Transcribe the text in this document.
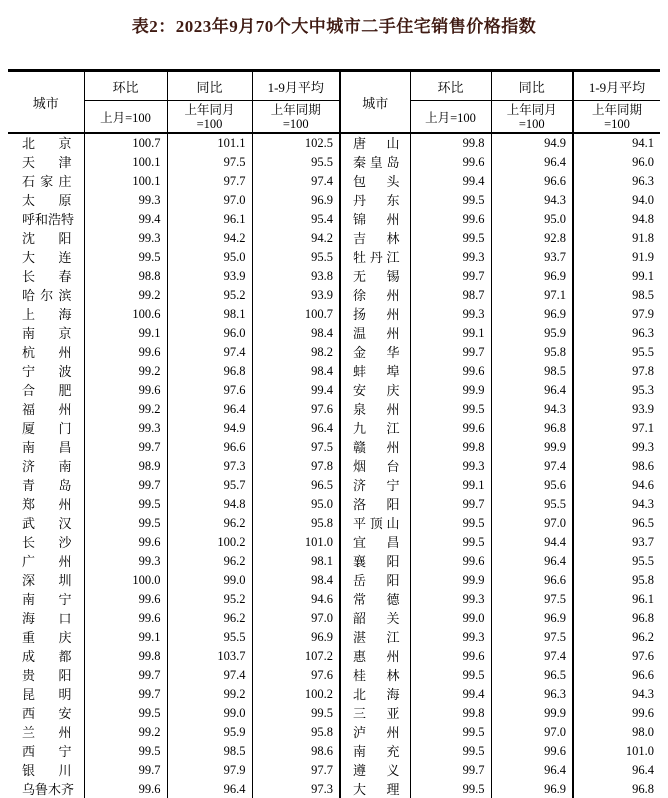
表2：2023年9月70个大中城市二手住宅销售价格指数
城市	环比	同比	1-9月平均	城市	环比	同比	1-9月平均
	上月=100	上年同月
=100	上年同期
=100		上月=100	上年同月
=100	上年同期
=100

北 京	100.7	101.1	102.5	唐 山	99.8	94.9	94.1

天 津	100.1	97.5	95.5	秦 皇 岛	99.6	96.4	96.0

石 家 庄	100.1	97.7	97.4	包 头	99.4	96.6	96.3

太 原	99.3	97.0	96.9	丹 东	99.5	94.3	94.0

呼 和 浩 特	99.4	96.1	95.4	锦 州	99.6	95.0	94.8

沈 阳	99.3	94.2	94.2	吉 林	99.5	92.8	91.8

大 连	99.5	95.0	95.5	牡 丹 江	99.3	93.7	91.9

长 春	98.8	93.9	93.8	无 锡	99.7	96.9	99.1

哈 尔 滨	99.2	95.2	93.9	徐 州	98.7	97.1	98.5

上 海	100.6	98.1	100.7	扬 州	99.3	96.9	97.9

南 京	99.1	96.0	98.4	温 州	99.1	95.9	96.3

杭 州	99.6	97.4	98.2	金 华	99.7	95.8	95.5

宁 波	99.2	96.8	98.4	蚌 埠	99.6	98.5	97.8

合 肥	99.6	97.6	99.4	安 庆	99.9	96.4	95.3

福 州	99.2	96.4	97.6	泉 州	99.5	94.3	93.9

厦 门	99.3	94.9	96.4	九 江	99.6	96.8	97.1

南 昌	99.7	96.6	97.5	赣 州	99.8	99.9	99.3

济 南	98.9	97.3	97.8	烟 台	99.3	97.4	98.6

青 岛	99.7	95.7	96.5	济 宁	99.1	95.6	94.6

郑 州	99.5	94.8	95.0	洛 阳	99.7	95.5	94.3

武 汉	99.5	96.2	95.8	平 顶 山	99.5	97.0	96.5

长 沙	99.6	100.2	101.0	宜 昌	99.5	94.4	93.7

广 州	99.3	96.2	98.1	襄 阳	99.6	96.4	95.5

深 圳	100.0	99.0	98.4	岳 阳	99.9	96.6	95.8

南 宁	99.6	95.2	94.6	常 德	99.3	97.5	96.1

海 口	99.6	96.2	97.0	韶 关	99.0	96.9	96.8

重 庆	99.1	95.5	96.9	湛 江	99.3	97.5	96.2

成 都	99.8	103.7	107.2	惠 州	99.6	97.4	97.6

贵 阳	99.7	97.4	97.6	桂 林	99.5	96.5	96.6

昆 明	99.7	99.2	100.2	北 海	99.4	96.3	94.3

西 安	99.5	99.0	99.5	三 亚	99.8	99.9	99.6

兰 州	99.2	95.9	95.8	泸 州	99.5	97.0	98.0

西 宁	99.5	98.5	98.6	南 充	99.5	99.6	101.0

银 川	99.7	97.9	97.7	遵 义	99.7	96.4	96.4

乌 鲁 木 齐	99.6	96.4	97.3	大 理	99.5	96.9	96.8
